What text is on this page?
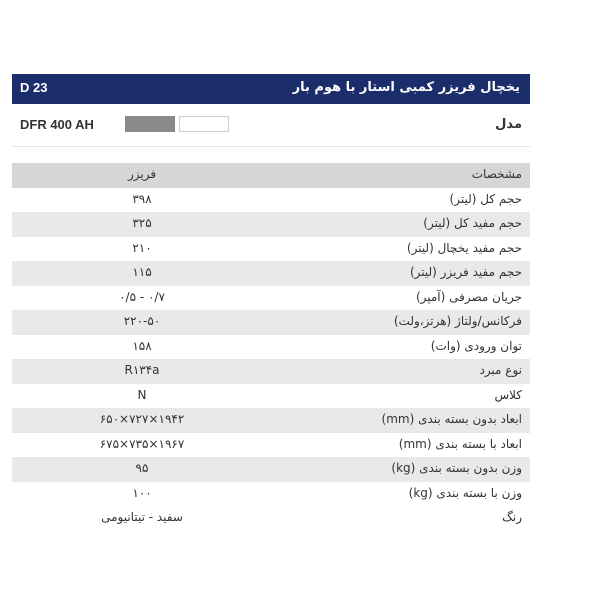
D 23	یخچال فریزر کمبی استار با هوم بار
DFR 400 AH	مدل
مشخصات
فریزر
حجم کل (لیتر)
۳۹۸
حجم مفید کل (لیتر)
۳۲۵
حجم مفید یخچال (لیتر)
۲۱۰
حجم مفید فریزر (لیتر)
۱۱۵
جریان مصرفی (آمپر)
۰/۵ - ۰/۷
فرکانس/ولتاژ (هرتز،ولت)
۲۲۰-۵۰
توان ورودی (وات)
۱۵۸
نوع مبرد
R۱۳۴a
کلاس
N
ابعاد بدون بسته بندی (mm)
۶۵۰×۷۲۷×۱۹۴۲
ابعاد با بسته بندی (mm)
۶۷۵×۷۳۵×۱۹۶۷
وزن بدون بسته بندی (kg)
۹۵
وزن با بسته بندی (kg)
۱۰۰
رنگ
سفید - تیتانیومی
